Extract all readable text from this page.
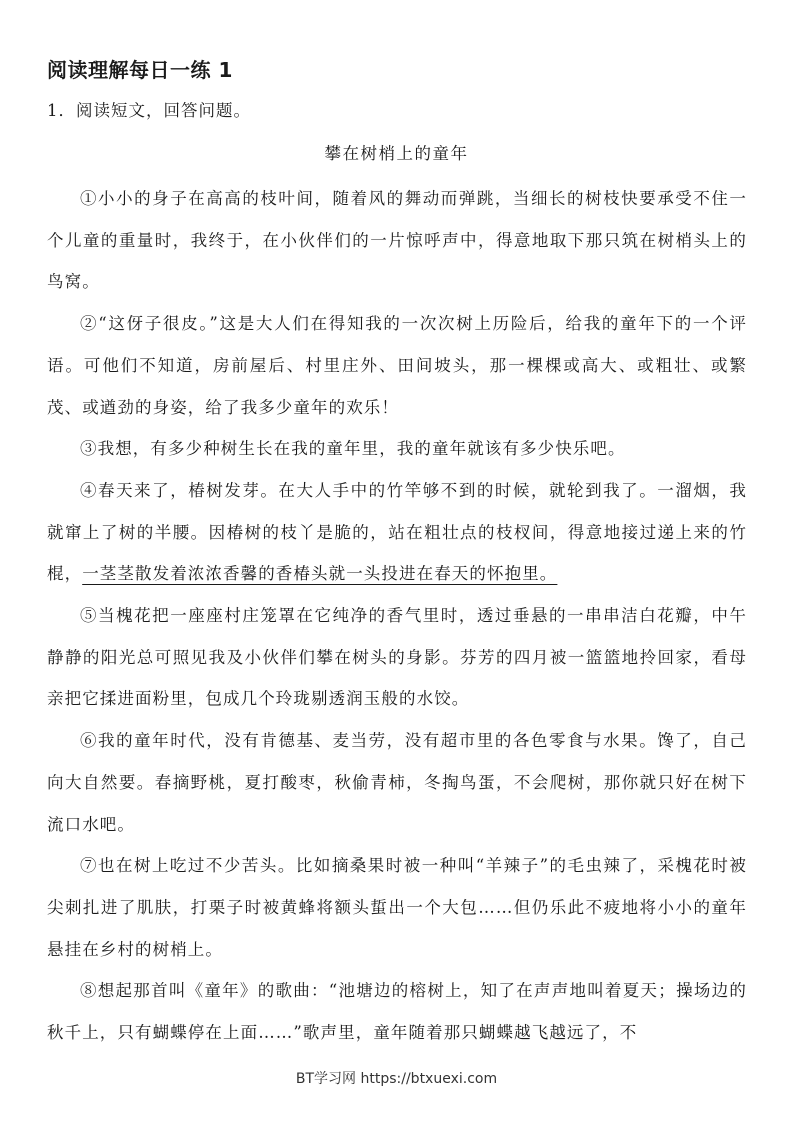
阅读理解每日一练 1
1．阅读短文，回答问题。
攀在树梢上的童年

①小小的身子在高高的枝叶间，随着风的舞动而弹跳，当细长的树枝快要承受不住一个儿童的重量时，我终于，在小伙伴们的一片惊呼声中，得意地取下那只筑在树梢头上的鸟窝。

②“这伢子很皮。”这是大人们在得知我的一次次树上历险后，给我的童年下的一个评语。可他们不知道，房前屋后、村里庄外、田间坡头，那一棵棵或高大、或粗壮、或繁茂、或遒劲的身姿，给了我多少童年的欢乐！

③我想，有多少种树生长在我的童年里，我的童年就该有多少快乐吧。

④春天来了，椿树发芽。在大人手中的竹竿够不到的时候，就轮到我了。一溜烟，我就窜上了树的半腰。因椿树的枝丫是脆的，站在粗壮点的枝杈间，得意地接过递上来的竹棍，一茎茎散发着浓浓香馨的香椿头就一头投进在春天的怀抱里。

⑤当槐花把一座座村庄笼罩在它纯净的香气里时，透过垂悬的一串串洁白花瓣，中午静静的阳光总可照见我及小伙伴们攀在树头的身影。芬芳的四月被一篮篮地拎回家，看母亲把它揉进面粉里，包成几个玲珑剔透润玉般的水饺。

⑥我的童年时代，没有肯德基、麦当劳，没有超市里的各色零食与水果。馋了，自己向大自然要。春摘野桃，夏打酸枣，秋偷青柿，冬掏鸟蛋，不会爬树，那你就只好在树下流口水吧。

⑦也在树上吃过不少苦头。比如摘桑果时被一种叫“羊辣子”的毛虫辣了，采槐花时被尖刺扎进了肌肤，打栗子时被黄蜂将额头蜇出一个大包……但仍乐此不疲地将小小的童年悬挂在乡村的树梢上。

⑧想起那首叫《童年》的歌曲：“池塘边的榕树上，知了在声声地叫着夏天；操场边的秋千上，只有蝴蝶停在上面……”歌声里，童年随着那只蝴蝶越飞越远了，不

BT学习网 https://btxuexi.com
